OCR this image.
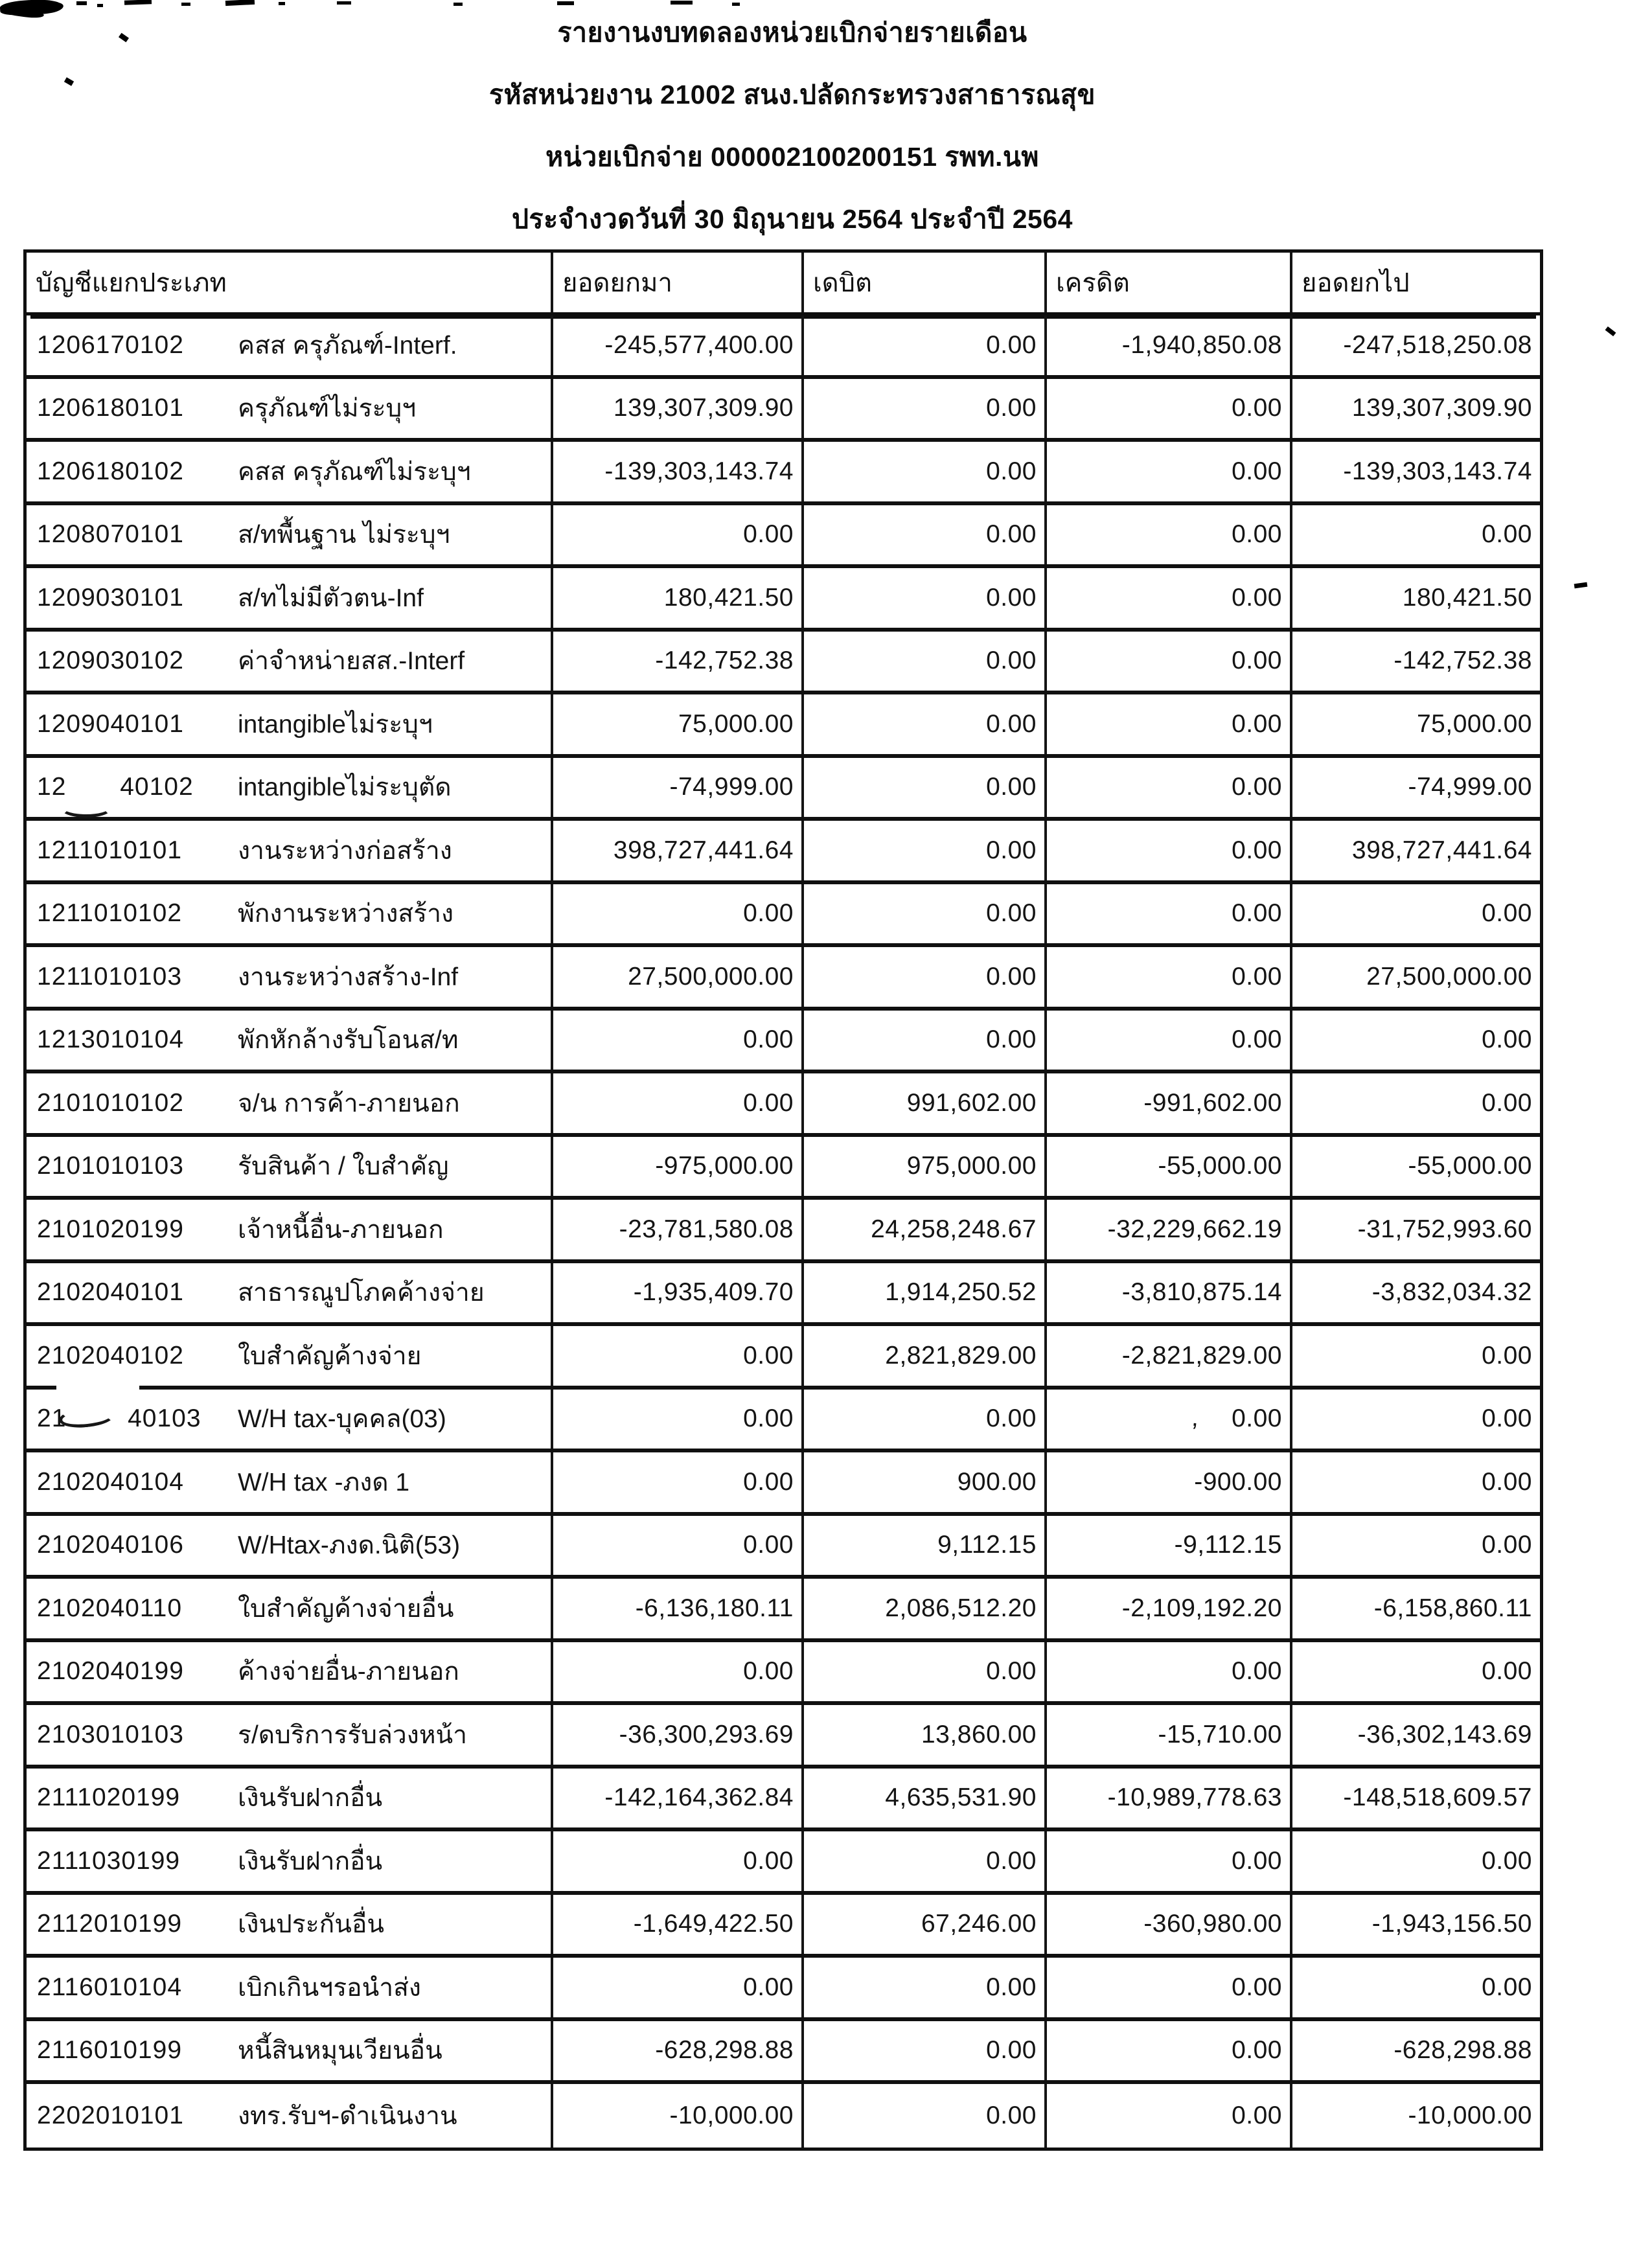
รายงานงบทดลองหน่วยเบิกจ่ายรายเดือน
รหัสหน่วยงาน 21002 สนง.ปลัดกระทรวงสาธารณสุข
หน่วยเบิกจ่าย 000002100200151 รพท.นพ
ประจำงวดวันที่ 30 มิถุนายน 2564 ประจำปี 2564
บัญชีแยกประเภท	ยอดยกมา	เดบิต	เครดิต	ยอดยกไป
1206170102	คสส ครุภัณฑ์-Interf.	-245,577,400.00	0.00	-1,940,850.08	-247,518,250.08
1206180101	ครุภัณฑ์ไม่ระบุฯ	139,307,309.90	0.00	0.00	139,307,309.90
1206180102	คสส ครุภัณฑ์ไม่ระบุฯ	-139,303,143.74	0.00	0.00	-139,303,143.74
1208070101	ส/ทพื้นฐาน ไม่ระบุฯ	0.00	0.00	0.00	0.00
1209030101	ส/ทไม่มีตัวตน-Inf	180,421.50	0.00	0.00	180,421.50
1209030102	ค่าจำหน่ายสส.-Interf	-142,752.38	0.00	0.00	-142,752.38
1209040101	intangibleไม่ระบุฯ	75,000.00	0.00	0.00	75,000.00
12       40102	intangibleไม่ระบุตัด	-74,999.00	0.00	0.00	-74,999.00
1211010101	งานระหว่างก่อสร้าง	398,727,441.64	0.00	0.00	398,727,441.64
1211010102	พักงานระหว่างสร้าง	0.00	0.00	0.00	0.00
1211010103	งานระหว่างสร้าง-Inf	27,500,000.00	0.00	0.00	27,500,000.00
1213010104	พักหักล้างรับโอนส/ท	0.00	0.00	0.00	0.00
2101010102	จ/น การค้า-ภายนอก	0.00	991,602.00	-991,602.00	0.00
2101010103	รับสินค้า / ใบสำคัญ	-975,000.00	975,000.00	-55,000.00	-55,000.00
2101020199	เจ้าหนี้อื่น-ภายนอก	-23,781,580.08	24,258,248.67	-32,229,662.19	-31,752,993.60
2102040101	สาธารณูปโภคค้างจ่าย	-1,935,409.70	1,914,250.52	-3,810,875.14	-3,832,034.32
2102040102	ใบสำคัญค้างจ่าย	0.00	2,821,829.00	-2,821,829.00	0.00
21        40103	W/H tax-บุคคล(03)	0.00	0.00	0.00	0.00
2102040104	W/H tax -ภงด 1	0.00	900.00	-900.00	0.00
2102040106	W/Htax-ภงด.นิติ(53)	0.00	9,112.15	-9,112.15	0.00
2102040110	ใบสำคัญค้างจ่ายอื่น	-6,136,180.11	2,086,512.20	-2,109,192.20	-6,158,860.11
2102040199	ค้างจ่ายอื่น-ภายนอก	0.00	0.00	0.00	0.00
2103010103	ร/ดบริการรับล่วงหน้า	-36,300,293.69	13,860.00	-15,710.00	-36,302,143.69
2111020199	เงินรับฝากอื่น	-142,164,362.84	4,635,531.90	-10,989,778.63	-148,518,609.57
2111030199	เงินรับฝากอื่น	0.00	0.00	0.00	0.00
2112010199	เงินประกันอื่น	-1,649,422.50	67,246.00	-360,980.00	-1,943,156.50
2116010104	เบิกเกินฯรอนำส่ง	0.00	0.00	0.00	0.00
2116010199	หนี้สินหมุนเวียนอื่น	-628,298.88	0.00	0.00	-628,298.88
2202010101	งทร.รับฯ-ดำเนินงาน	-10,000.00	0.00	0.00	-10,000.00
,
